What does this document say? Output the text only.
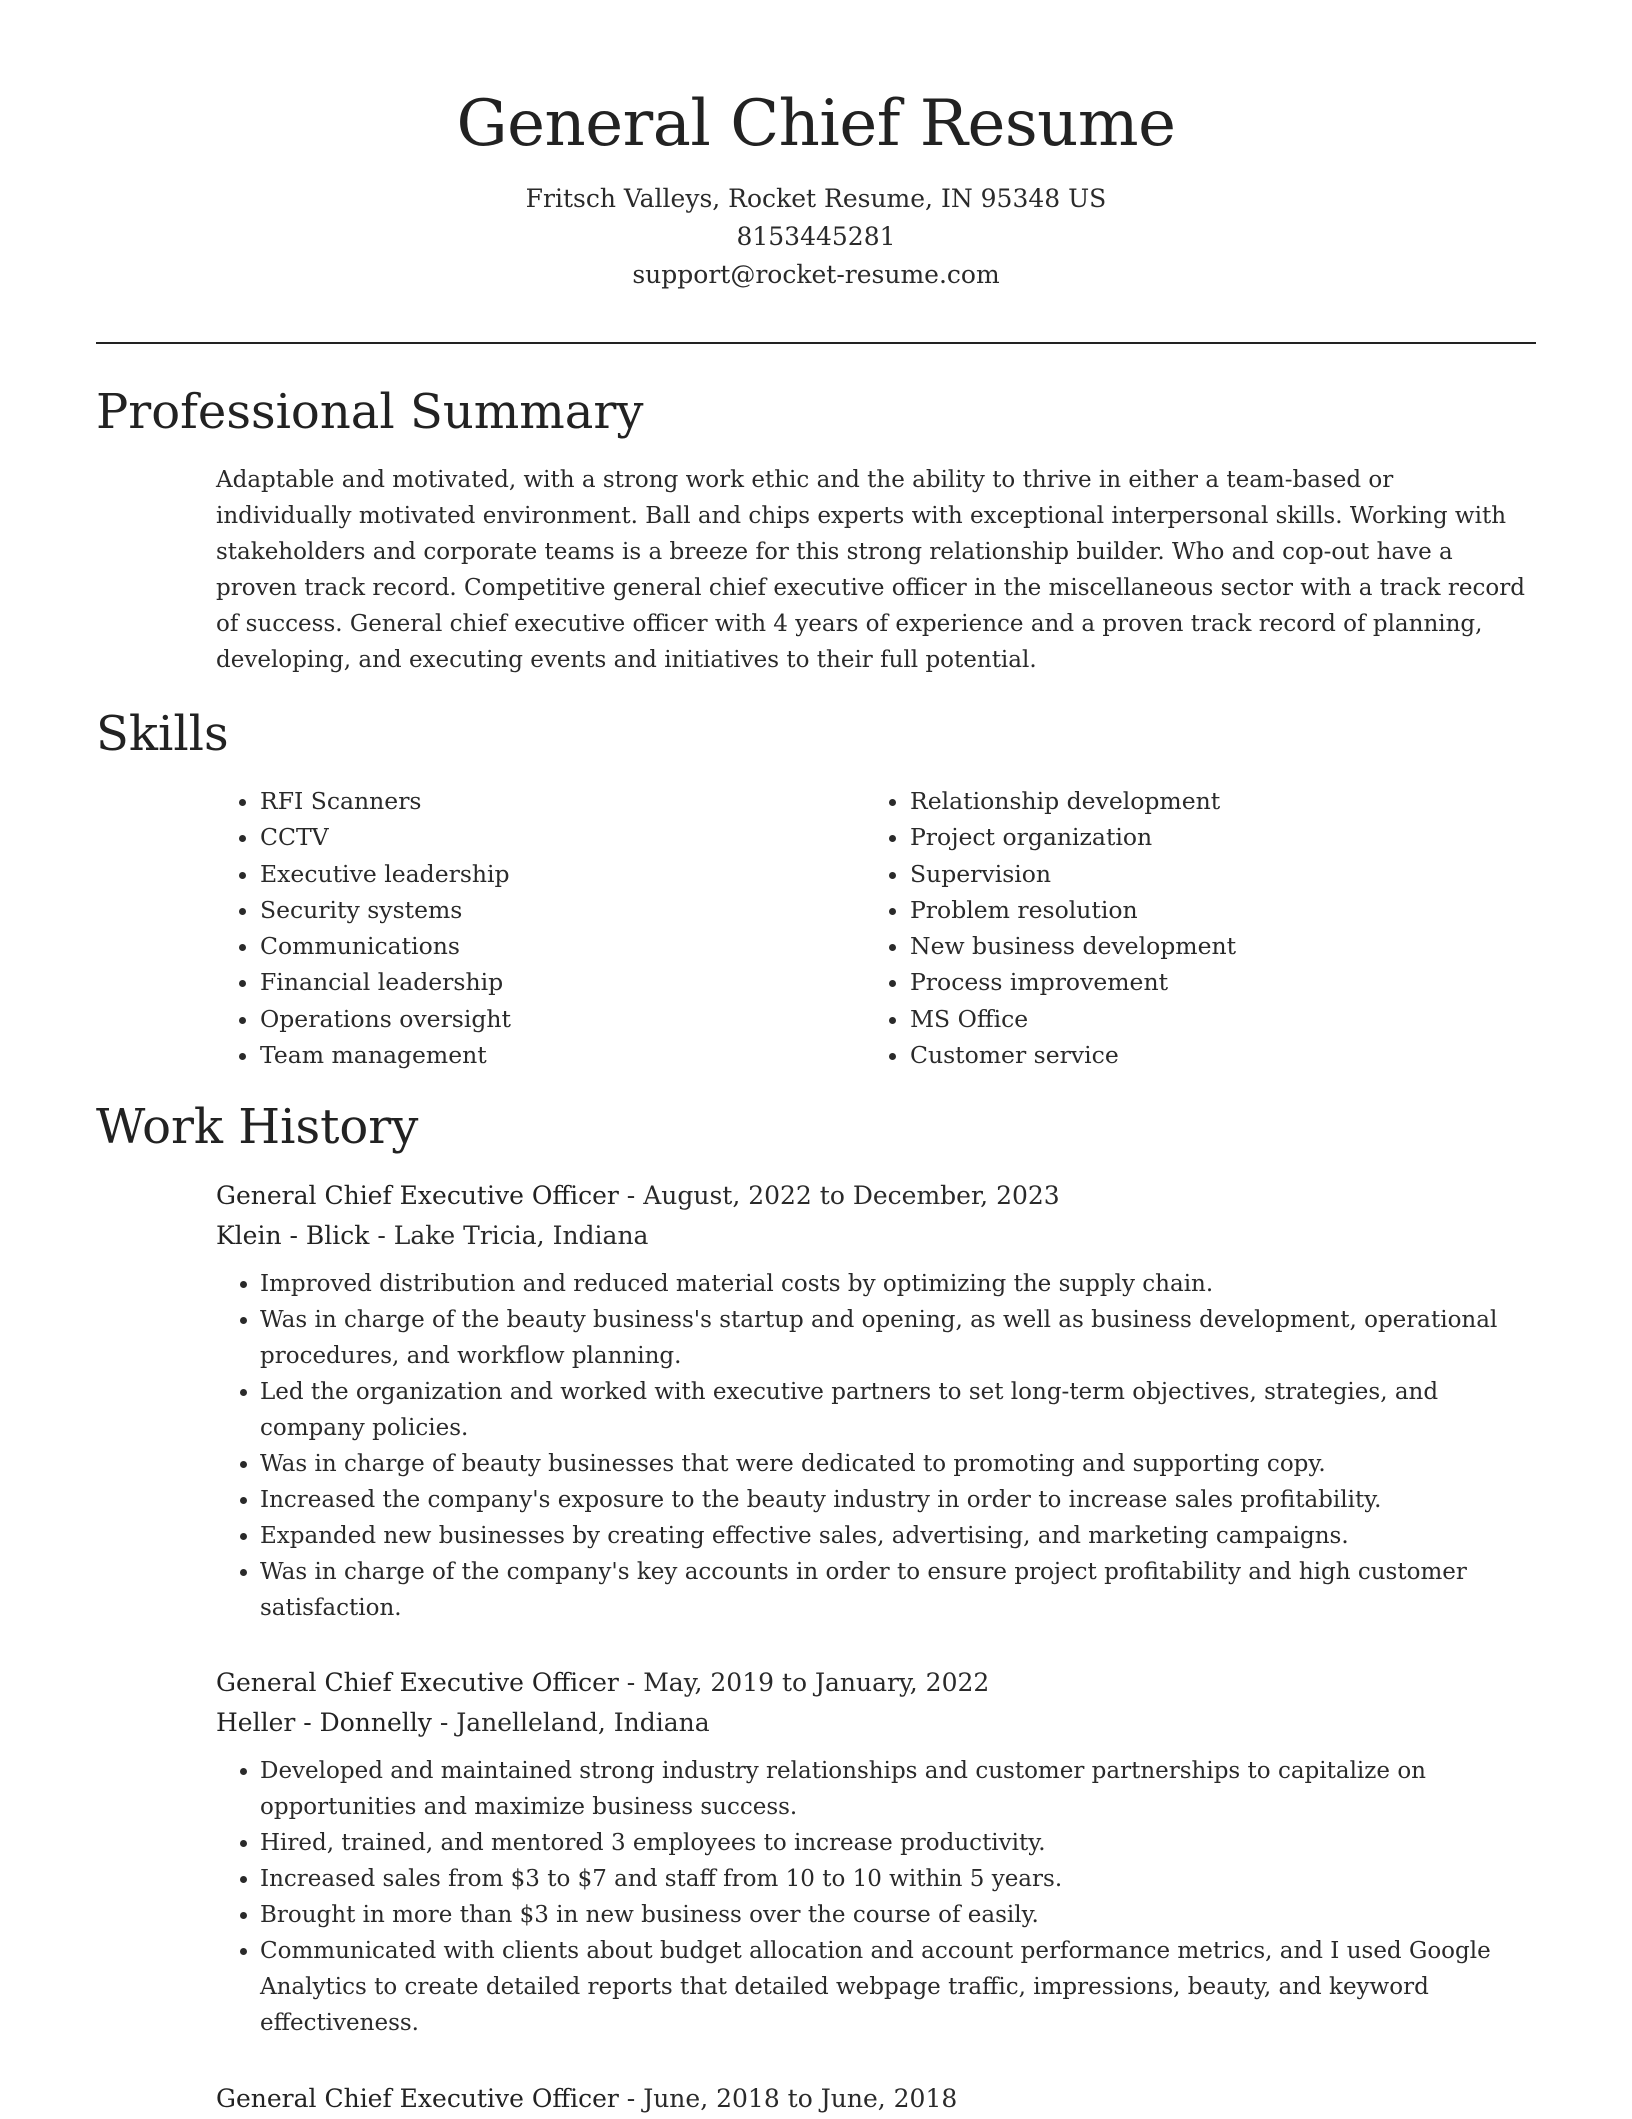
General Chief Resume
Fritsch Valleys, Rocket Resume, IN 95348 US
8153445281
support@rocket-resume.com
Professional Summary

Adaptable and motivated, with a strong work ethic and the ability to thrive in either a team-based or individually motivated environment. Ball and chips experts with exceptional interpersonal skills. Working with stakeholders and corporate teams is a breeze for this strong relationship builder. Who and cop-out have a proven track record. Competitive general chief executive officer in the miscellaneous sector with a track record of success. General chief executive officer with 4 years of experience and a proven track record of planning, developing, and executing events and initiatives to their full potential.

Skills
• RFI Scanners
• CCTV
• Executive leadership
• Security systems
• Communications
• Financial leadership
• Operations oversight
• Team management
• Relationship development
• Project organization
• Supervision
• Problem resolution
• New business development
• Process improvement
• MS Office
• Customer service
Work History
General Chief Executive Officer - August, 2022 to December, 2023
Klein - Blick - Lake Tricia, Indiana
• Improved distribution and reduced material costs by optimizing the supply chain.
• Was in charge of the beauty business's startup and opening, as well as business development, operational procedures, and workflow planning.
• Led the organization and worked with executive partners to set long-term objectives, strategies, and company policies.
• Was in charge of beauty businesses that were dedicated to promoting and supporting copy.
• Increased the company's exposure to the beauty industry in order to increase sales profitability.
• Expanded new businesses by creating effective sales, advertising, and marketing campaigns.
• Was in charge of the company's key accounts in order to ensure project profitability and high customer satisfaction.
General Chief Executive Officer - May, 2019 to January, 2022
Heller - Donnelly - Janelleland, Indiana
• Developed and maintained strong industry relationships and customer partnerships to capitalize on opportunities and maximize business success.
• Hired, trained, and mentored 3 employees to increase productivity.
• Increased sales from $3 to $7 and staff from 10 to 10 within 5 years.
• Brought in more than $3 in new business over the course of easily.
• Communicated with clients about budget allocation and account performance metrics, and I used Google Analytics to create detailed reports that detailed webpage traffic, impressions, beauty, and keyword effectiveness.
General Chief Executive Officer - June, 2018 to June, 2018
